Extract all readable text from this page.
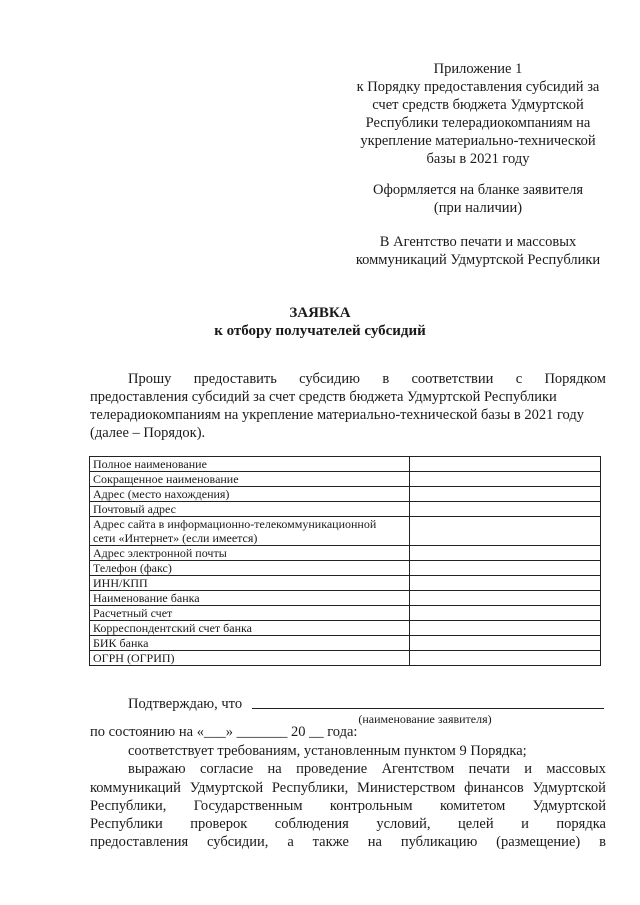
Приложение 1
к Порядку предоставления субсидий за
счет средств бюджета Удмуртской
Республики телерадиокомпаниям на
укрепление материально-технической
базы в 2021 году
Оформляется на бланке заявителя
(при наличии)
В Агентство печати и массовых
коммуникаций Удмуртской Республики
ЗАЯВКА
к отбору получателей субсидий
Прошу предоставить субсидию в соответствии с Порядком
предоставления субсидий за счет средств бюджета Удмуртской Республики
телерадиокомпаниям на укрепление материально-технической базы в 2021 году
(далее – Порядок).
Полное наименование	
Сокращенное наименование	
Адрес (место нахождения)	
Почтовый адрес	

Адрес сайта в информационно-телекоммуникационной
сети «Интернет» (если имеется)	

Адрес электронной почты	
Телефон (факс)	
ИНН/КПП	
Наименование банка	
Расчетный счет	
Корреспондентский счет банка	
БИК банка	
ОГРН (ОГРИП)	
Подтверждаю, что
(наименование заявителя)
по состоянию на «___» _______ 20 __ года:
соответствует требованиям, установленным пунктом 9 Порядка;
выражаю согласие на проведение Агентством печати и массовых
коммуникаций Удмуртской Республики, Министерством финансов Удмуртской
Республики, Государственным контрольным комитетом Удмуртской
Республики проверок соблюдения условий, целей и порядка
предоставления субсидии, а также на публикацию (размещение) в
